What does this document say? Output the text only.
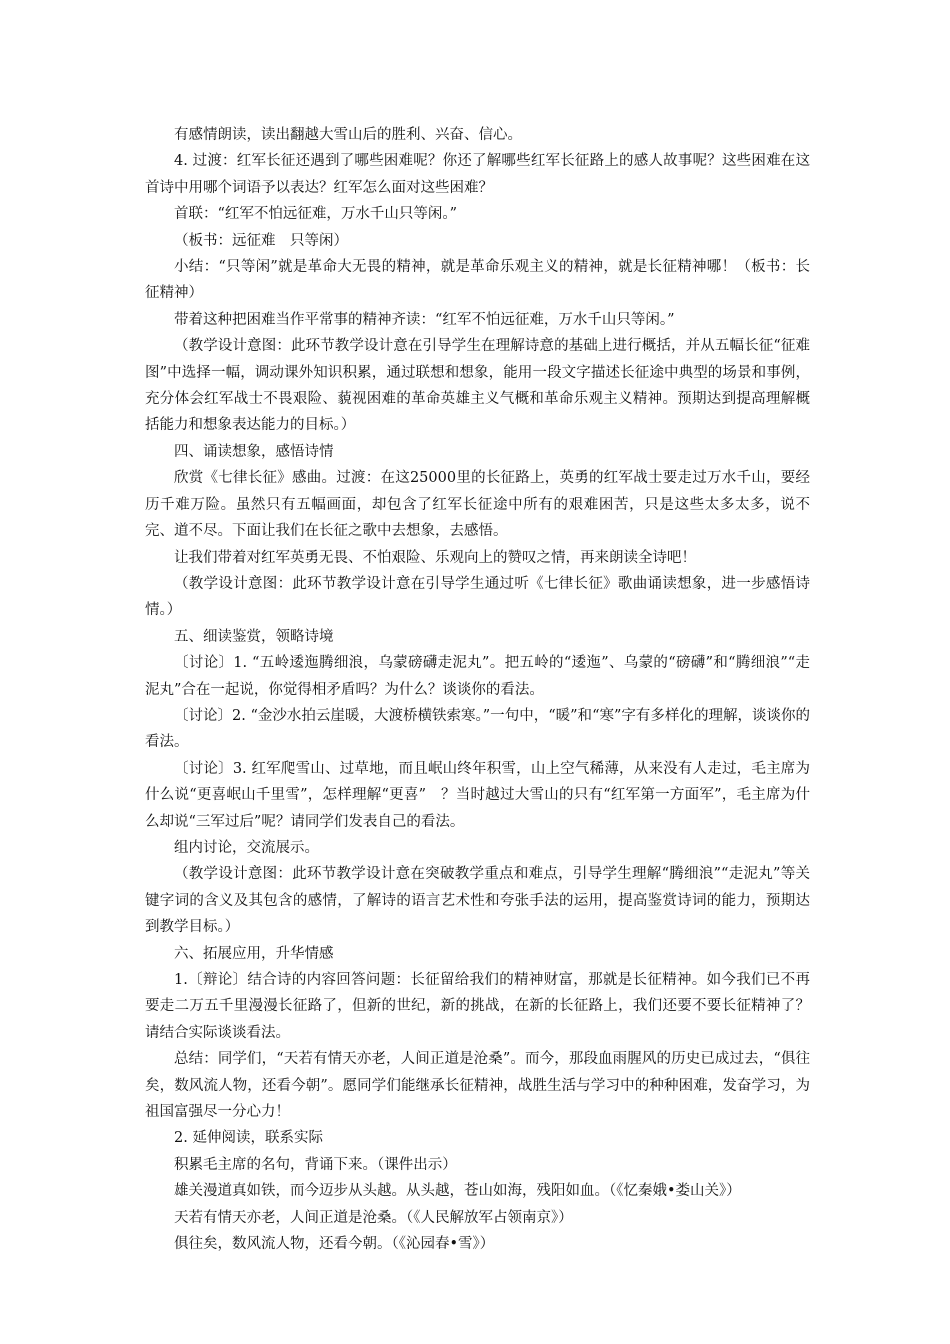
有感情朗读，读出翻越大雪山后的胜利、兴奋、信心。

4. 过渡：红军长征还遇到了哪些困难呢？你还了解哪些红军长征路上的感人故事呢？这些困难在这首诗中用哪个词语予以表达？红军怎么面对这些困难？

首联：“红军不怕远征难，万水千山只等闲。”

（板书：远征难　只等闲）

小结：“只等闲”就是革命大无畏的精神，就是革命乐观主义的精神，就是长征精神哪！（板书：长征精神）

带着这种把困难当作平常事的精神齐读：“红军不怕远征难，万水千山只等闲。”

（教学设计意图：此环节教学设计意在引导学生在理解诗意的基础上进行概括，并从五幅长征“征难图”中选择一幅，调动课外知识积累，通过联想和想象，能用一段文字描述长征途中典型的场景和事例，充分体会红军战士不畏艰险、藐视困难的革命英雄主义气概和革命乐观主义精神。预期达到提高理解概括能力和想象表达能力的目标。）

四、诵读想象，感悟诗情

欣赏《七律长征》感曲。过渡：在这25000里的长征路上，英勇的红军战士要走过万水千山，要经历千难万险。虽然只有五幅画面，却包含了红军长征途中所有的艰难困苦，只是这些太多太多，说不完、道不尽。下面让我们在长征之歌中去想象，去感悟。

让我们带着对红军英勇无畏、不怕艰险、乐观向上的赞叹之情，再来朗读全诗吧！

（教学设计意图：此环节教学设计意在引导学生通过听《七律长征》歌曲诵读想象，进一步感悟诗情。）

五、细读鉴赏，领略诗境

〔讨论〕1. “五岭逶迤腾细浪，乌蒙磅礴走泥丸”。把五岭的“逶迤”、乌蒙的“磅礴”和“腾细浪”“走泥丸”合在一起说，你觉得相矛盾吗？为什么？谈谈你的看法。

〔讨论〕2. “金沙水拍云崖暖，大渡桥横铁索寒。”一句中，“暖”和“寒”字有多样化的理解，谈谈你的看法。

〔讨论〕3. 红军爬雪山、过草地，而且岷山终年积雪，山上空气稀薄，从来没有人走过，毛主席为什么说“更喜岷山千里雪”，怎样理解“更喜”　？当时越过大雪山的只有“红军第一方面军”，毛主席为什么却说“三军过后”呢？请同学们发表自己的看法。

组内讨论，交流展示。

（教学设计意图：此环节教学设计意在突破教学重点和难点，引导学生理解“腾细浪”“走泥丸”等关键字词的含义及其包含的感情，了解诗的语言艺术性和夸张手法的运用，提高鉴赏诗词的能力，预期达到教学目标。）

六、拓展应用，升华情感

1.〔辩论〕结合诗的内容回答问题：长征留给我们的精神财富，那就是长征精神。如今我们已不再要走二万五千里漫漫长征路了，但新的世纪，新的挑战，在新的长征路上，我们还要不要长征精神了？请结合实际谈谈看法。

总结：同学们，“天若有情天亦老，人间正道是沧桑”。而今，那段血雨腥风的历史已成过去，“俱往矣，数风流人物，还看今朝”。愿同学们能继承长征精神，战胜生活与学习中的种种困难，发奋学习，为祖国富强尽一分心力！

2. 延伸阅读，联系实际

积累毛主席的名句，背诵下来。（课件出示）

雄关漫道真如铁，而今迈步从头越。从头越，苍山如海，残阳如血。（《忆秦娥•娄山关》）

天若有情天亦老，人间正道是沧桑。（《人民解放军占领南京》）

俱往矣，数风流人物，还看今朝。（《沁园春•雪》）
